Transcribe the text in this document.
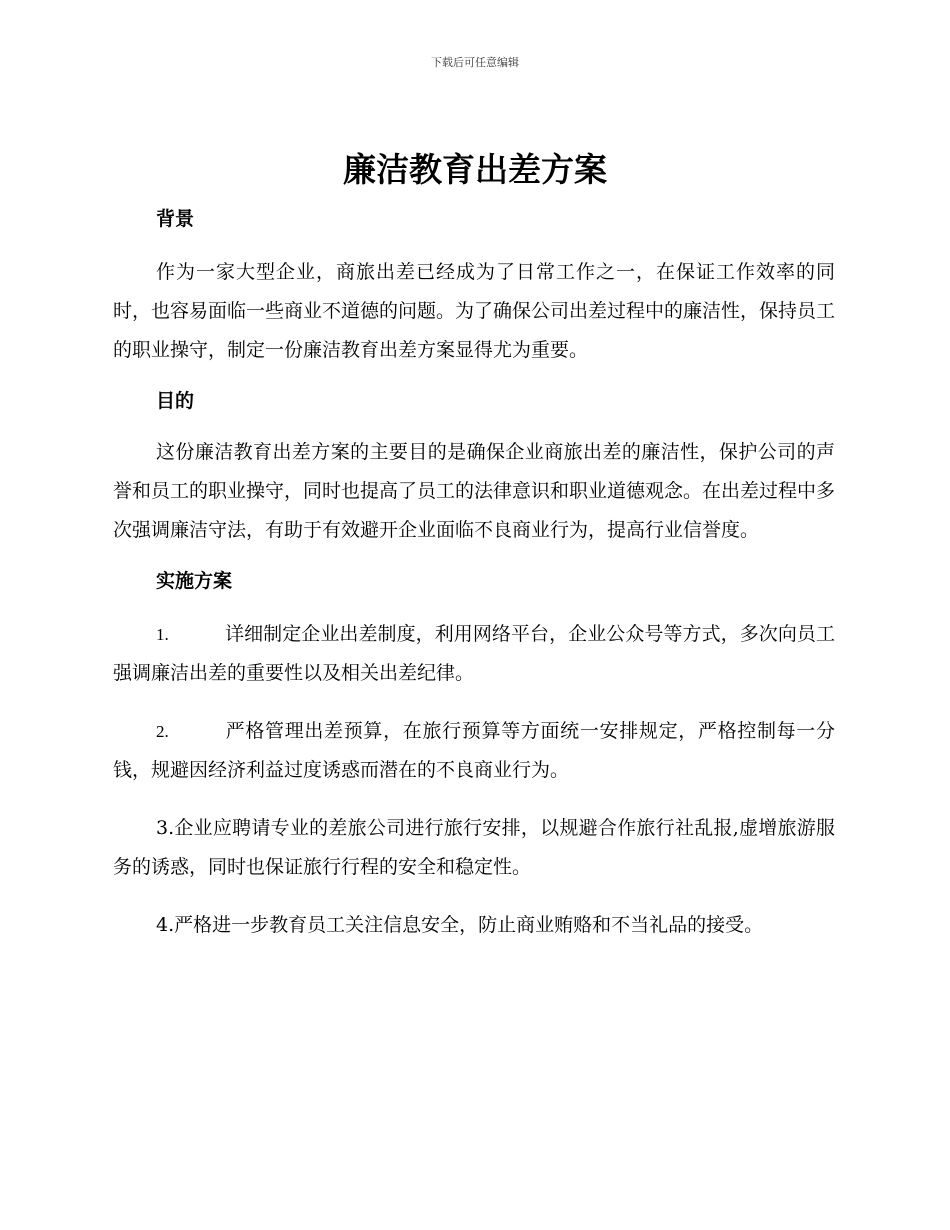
下载后可任意编辑
廉洁教育出差方案

背景

作为一家大型企业，商旅出差已经成为了日常工作之一，在保证工作效率的同时，也容易面临一些商业不道德的问题。为了确保公司出差过程中的廉洁性，保持员工的职业操守，制定一份廉洁教育出差方案显得尤为重要。

目的

这份廉洁教育出差方案的主要目的是确保企业商旅出差的廉洁性，保护公司的声誉和员工的职业操守，同时也提高了员工的法律意识和职业道德观念。在出差过程中多次强调廉洁守法，有助于有效避开企业面临不良商业行为，提高行业信誉度。

实施方案

1.	详细制定企业出差制度，利用网络平台，企业公众号等方式，多次向员工强调廉洁出差的重要性以及相关出差纪律。

2.	严格管理出差预算，在旅行预算等方面统一安排规定，严格控制每一分钱，规避因经济利益过度诱惑而潜在的不良商业行为。

3.企业应聘请专业的差旅公司进行旅行安排，以规避合作旅行社乱报,虚增旅游服务的诱惑，同时也保证旅行行程的安全和稳定性。

4.严格进一步教育员工关注信息安全，防止商业贿赂和不当礼品的接受。
